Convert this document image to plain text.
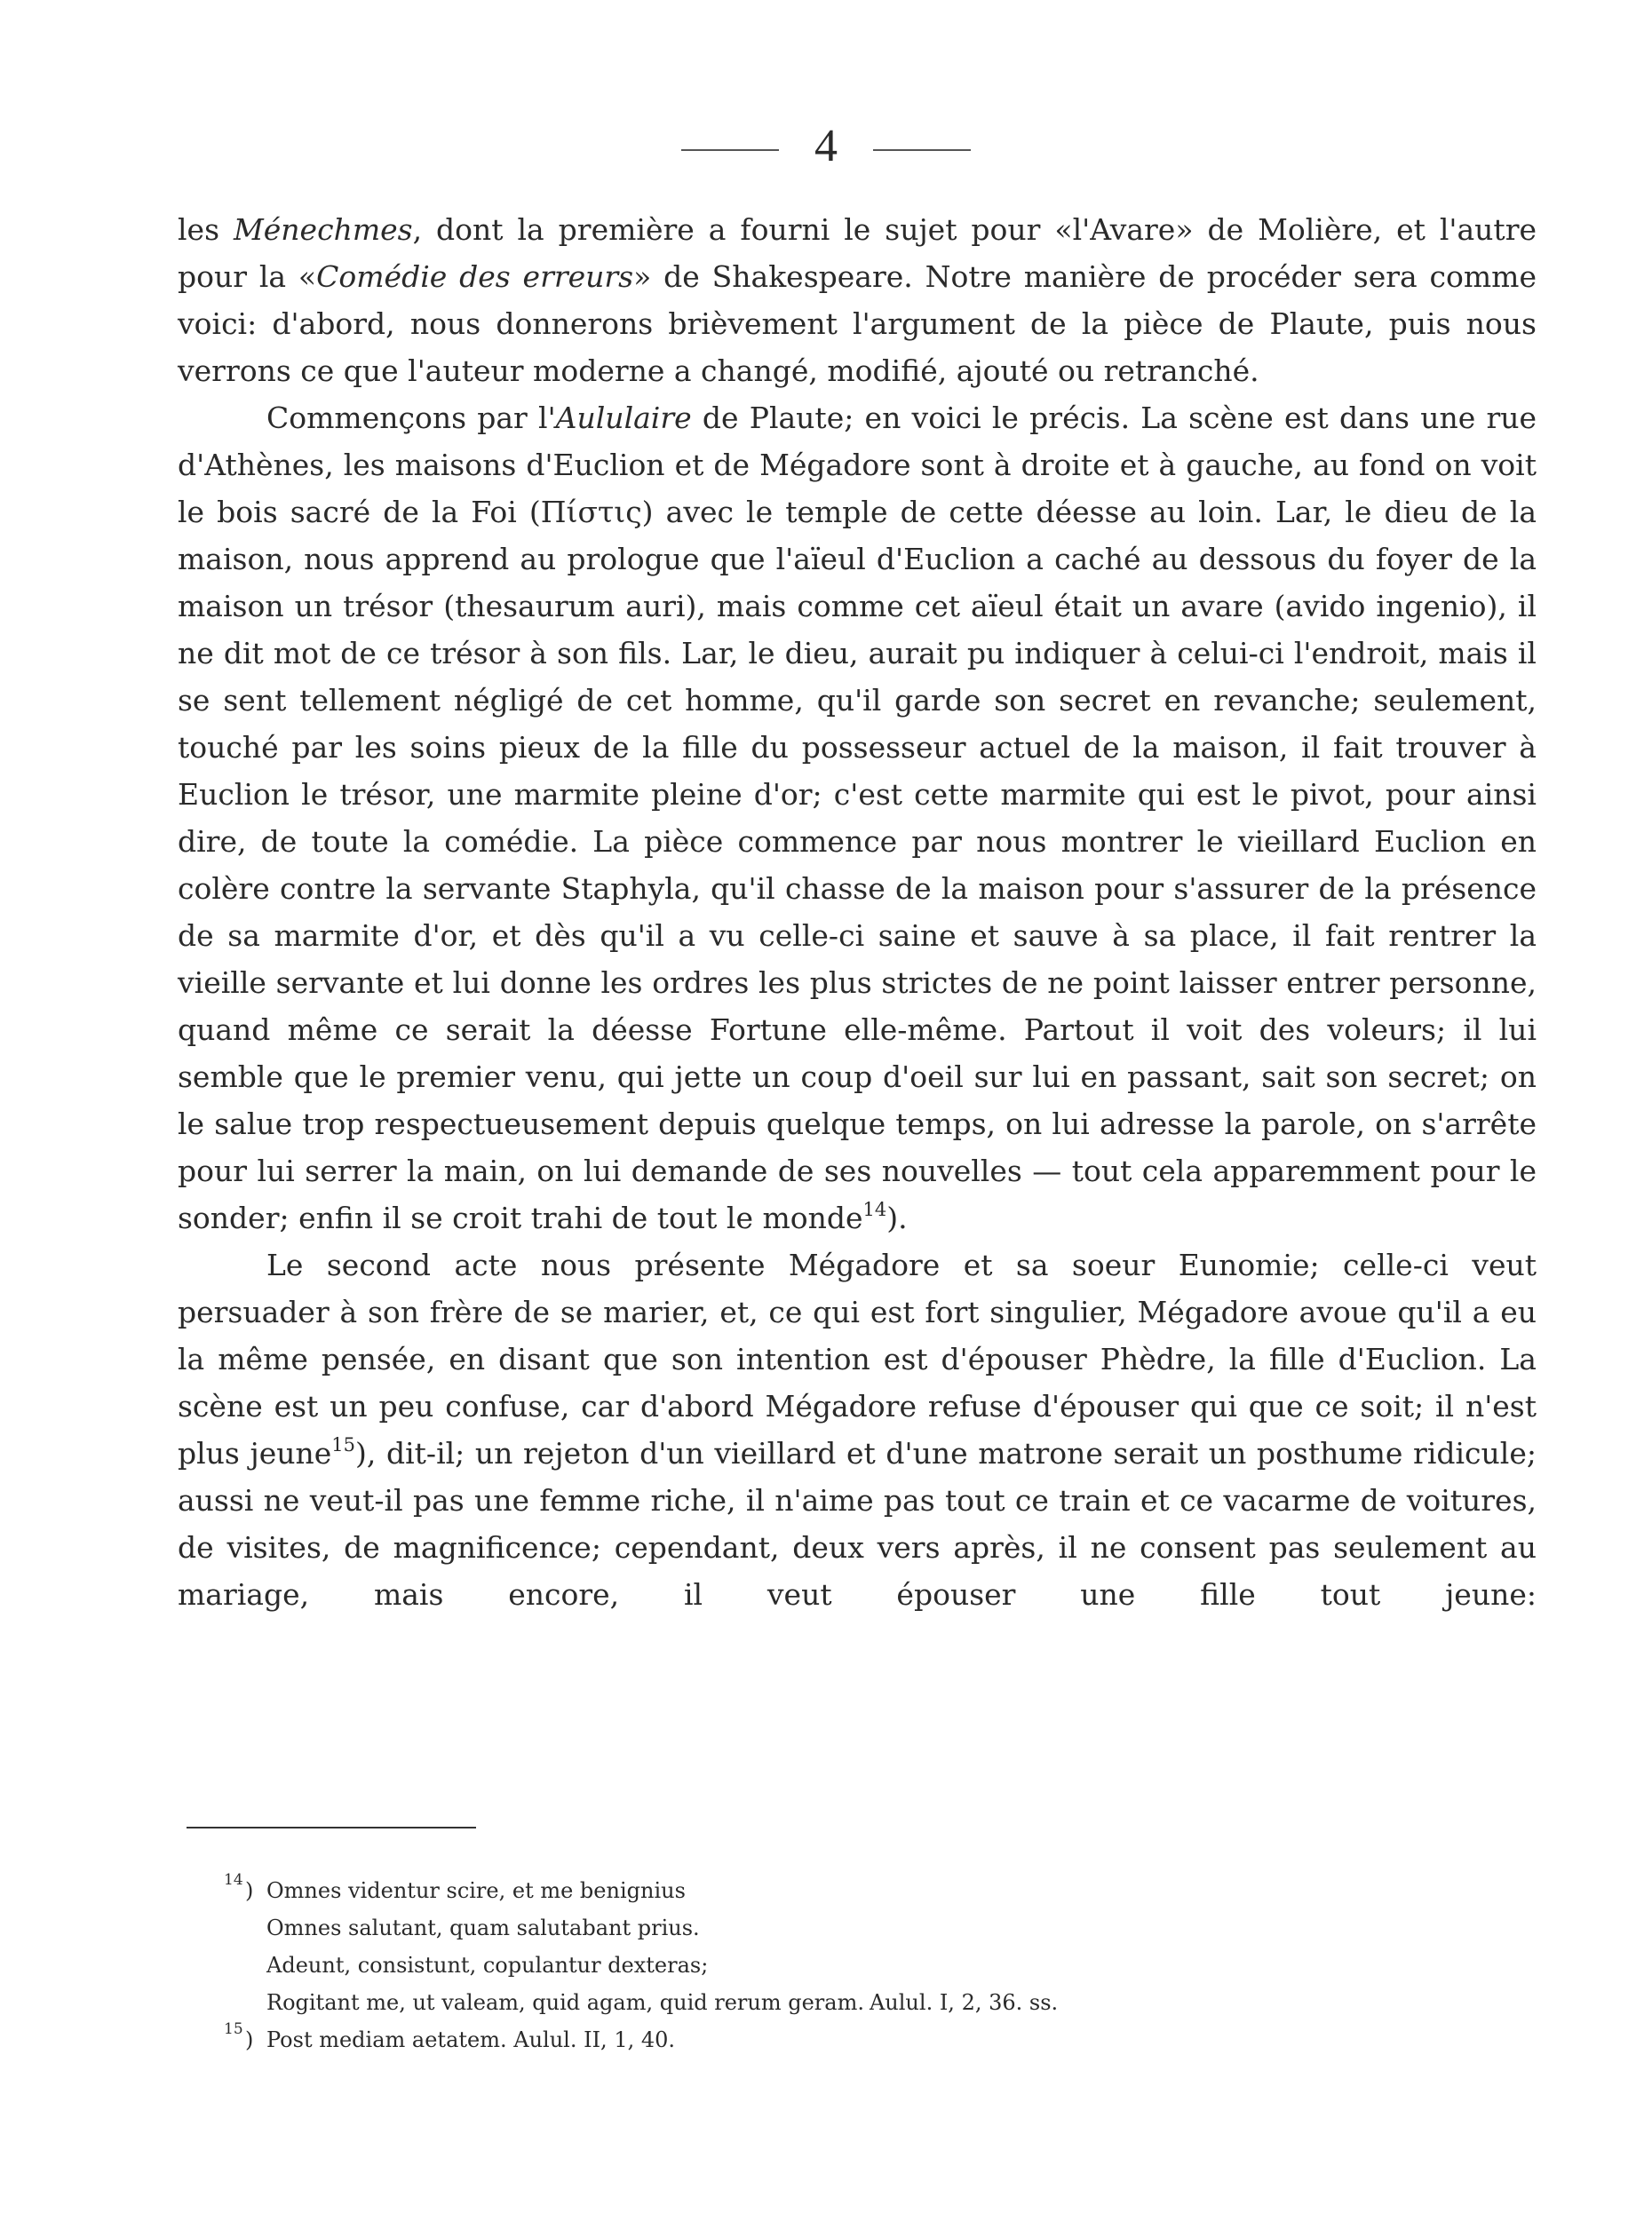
4

les Ménechmes, dont la première a fourni le sujet pour «l'Avare» de Molière, et l'autre pour la «Comédie des erreurs» de Shakespeare. Notre manière de procéder sera comme voici: d'abord, nous donnerons brièvement l'argument de la pièce de Plaute, puis nous verrons ce que l'auteur moderne a changé, modifié, ajouté ou retranché.

Commençons par l'Aululaire de Plaute; en voici le précis. La scène est dans une rue d'Athènes, les maisons d'Euclion et de Mégadore sont à droite et à gauche, au fond on voit le bois sacré de la Foi (Πίστις) avec le temple de cette déesse au loin. Lar, le dieu de la maison, nous apprend au prologue que l'aïeul d'Euclion a caché au dessous du foyer de la maison un trésor (thesaurum auri), mais comme cet aïeul était un avare (avido ingenio), il ne dit mot de ce trésor à son fils. Lar, le dieu, aurait pu indiquer à celui-ci l'endroit, mais il se sent tellement négligé de cet homme, qu'il garde son secret en revanche; seulement, touché par les soins pieux de la fille du possesseur actuel de la maison, il fait trouver à Euclion le trésor, une marmite pleine d'or; c'est cette marmite qui est le pivot, pour ainsi dire, de toute la comédie. La pièce commence par nous montrer le vieillard Euclion en colère contre la servante Staphyla, qu'il chasse de la maison pour s'assurer de la présence de sa marmite d'or, et dès qu'il a vu celle-ci saine et sauve à sa place, il fait rentrer la vieille servante et lui donne les ordres les plus strictes de ne point laisser entrer personne, quand même ce serait la déesse Fortune elle-même. Partout il voit des voleurs; il lui semble que le premier venu, qui jette un coup d'oeil sur lui en passant, sait son secret; on le salue trop respectueusement depuis quelque temps, on lui adresse la parole, on s'arrête pour lui serrer la main, on lui demande de ses nouvelles — tout cela apparemment pour le sonder; enfin il se croit trahi de tout le monde$^{14}$).

Le second acte nous présente Mégadore et sa soeur Eunomie; celle-ci veut persuader à son frère de se marier, et, ce qui est fort singulier, Mégadore avoue qu'il a eu la même pensée, en disant que son intention est d'épouser Phèdre, la fille d'Euclion. La scène est un peu confuse, car d'abord Mégadore refuse d'épouser qui que ce soit; il n'est plus jeune$^{15}$), dit-il; un rejeton d'un vieillard et d'une matrone serait un posthume ridicule; aussi ne veut-il pas une femme riche, il n'aime pas tout ce train et ce vacarme de voitures, de visites, de magnificence; cependant, deux vers après, il ne consent pas seulement au mariage, mais encore, il veut épouser une fille tout jeune:

14 ) Omnes videntur scire, et me benignius
Omnes salutant, quam salutabant prius.
Adeunt, consistunt, copulantur dexteras;
Rogitant me, ut valeam, quid agam, quid rerum geram. Aulul. I, 2, 36. ss.
15 ) Post mediam aetatem. Aulul. II, 1, 40.
